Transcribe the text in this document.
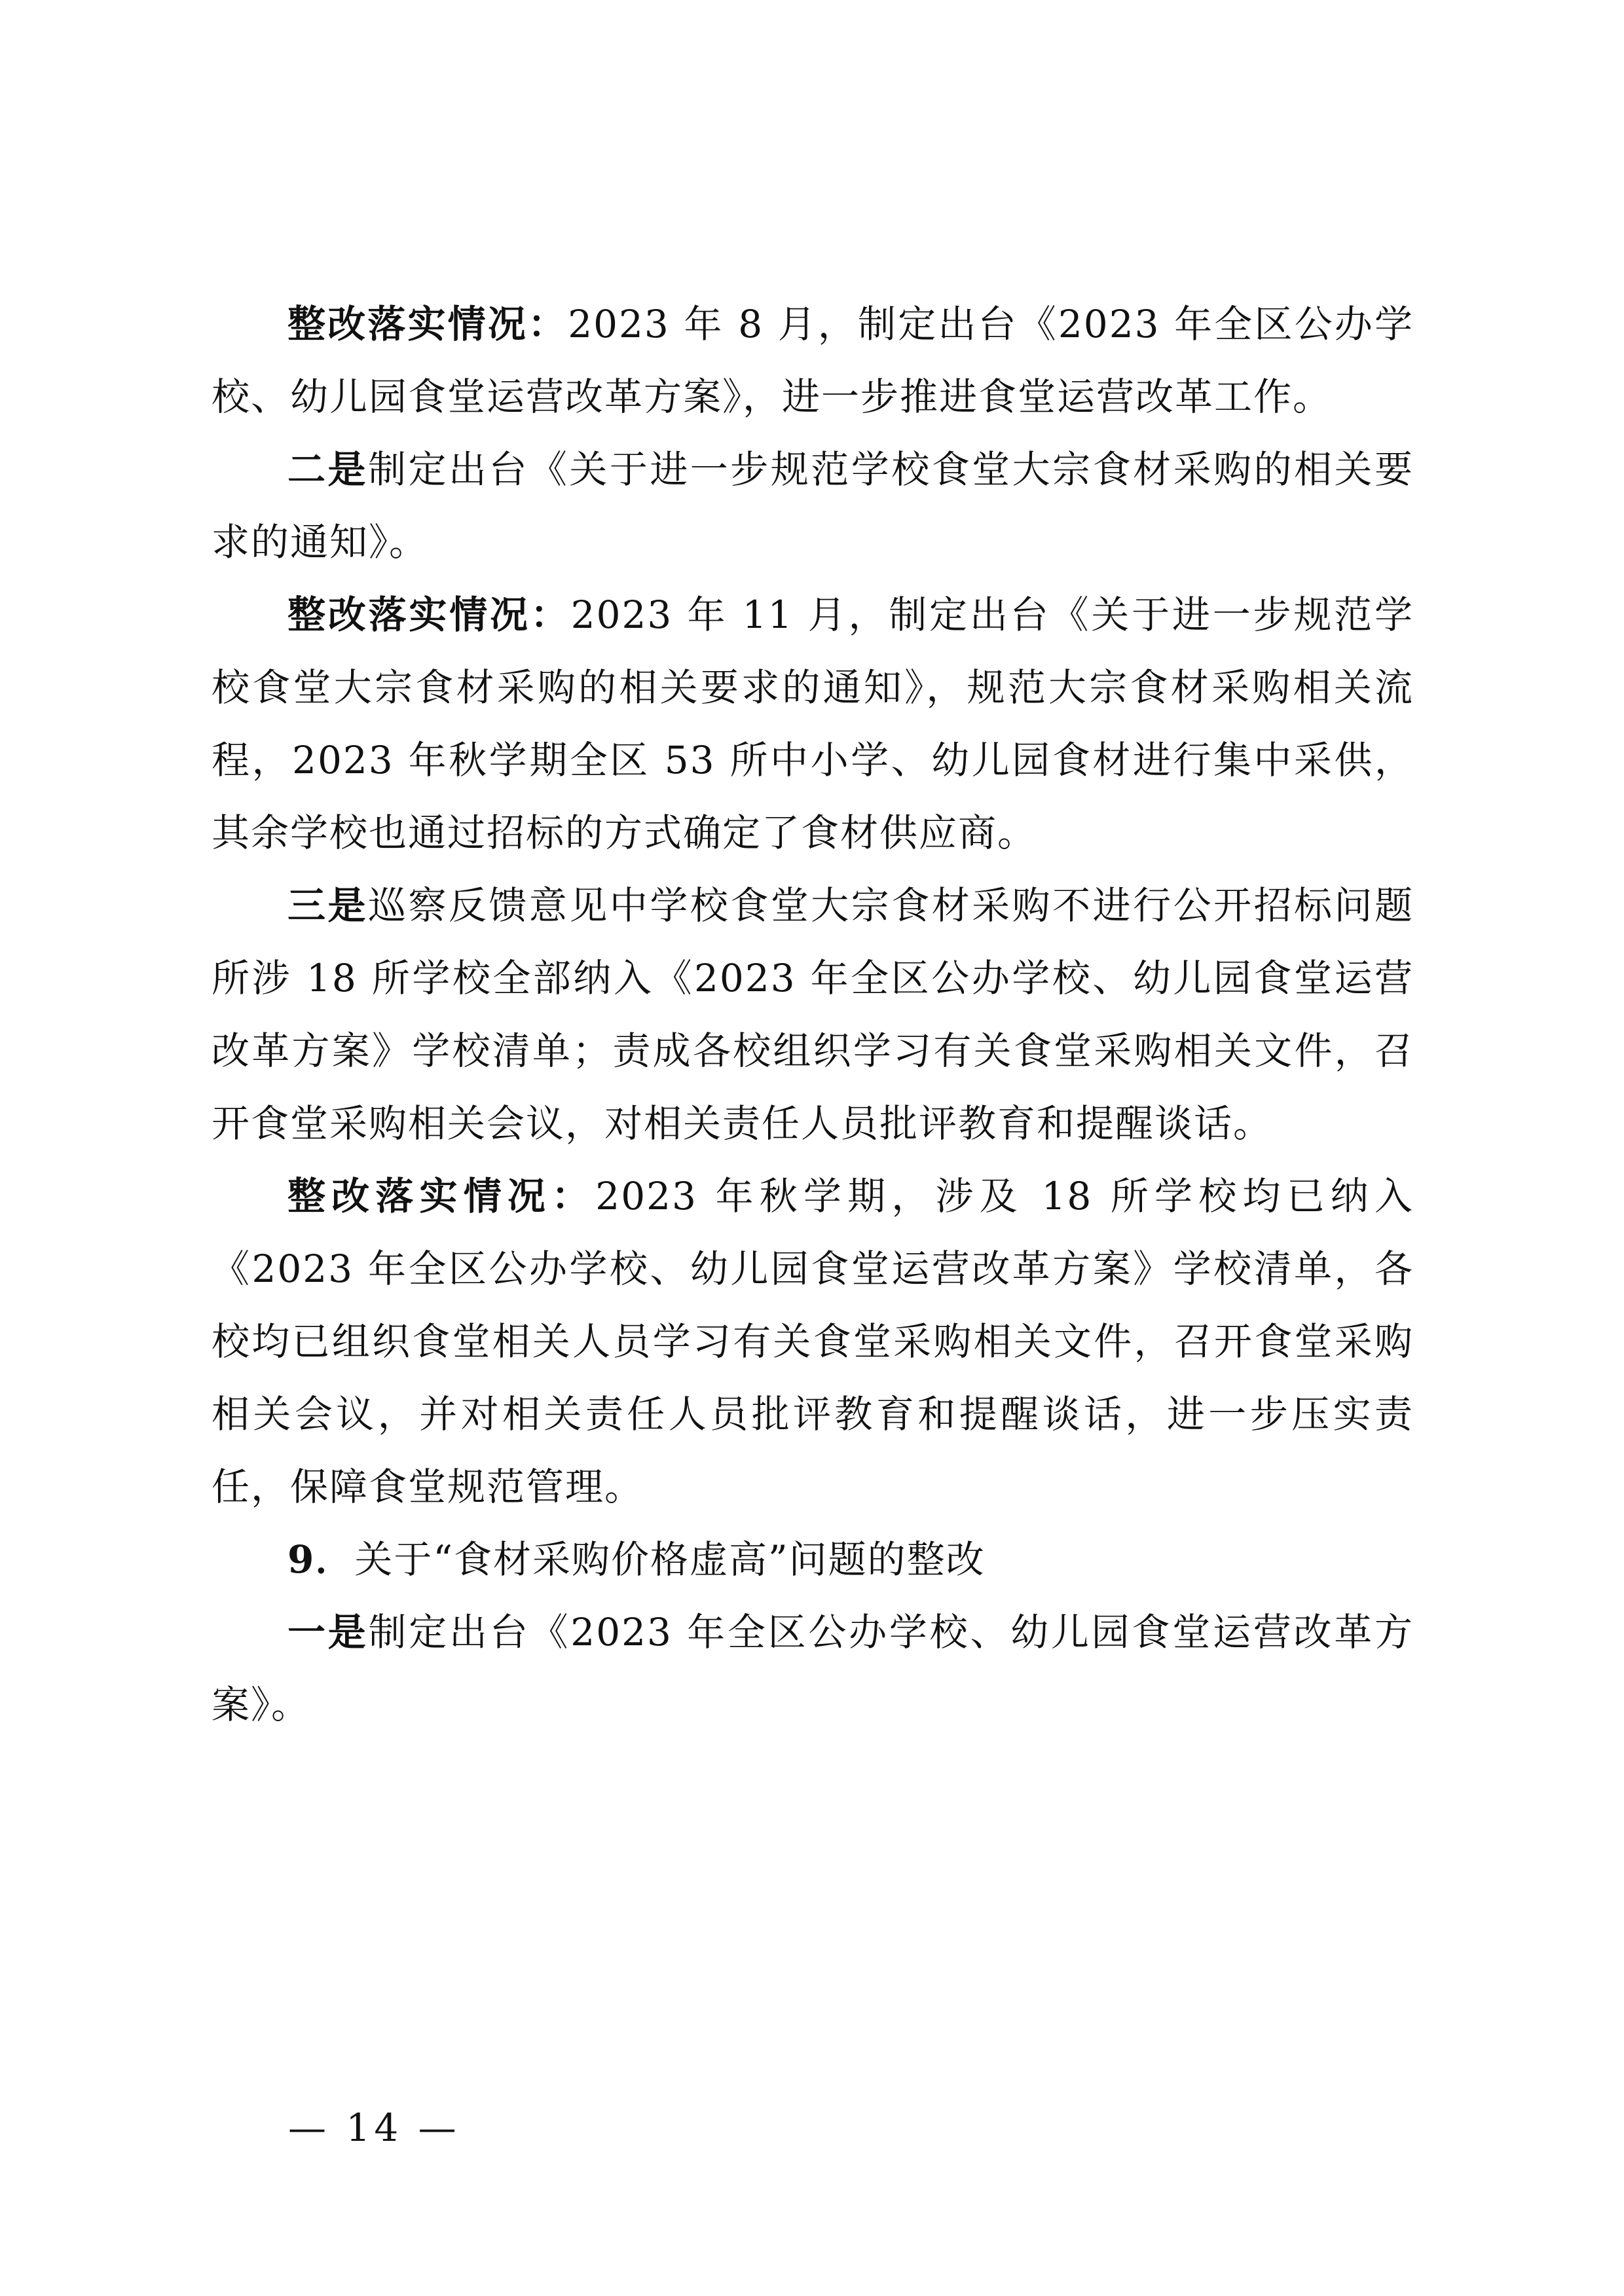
整改落实情况：2023 年 8 月，制定出台《2023 年全区公办学校、幼儿园食堂运营改革方案》，进一步推进食堂运营改革工作。

二是制定出台《关于进一步规范学校食堂大宗食材采购的相关要求的通知》。

整改落实情况：2023 年 11 月，制定出台《关于进一步规范学校食堂大宗食材采购的相关要求的通知》，规范大宗食材采购相关流程，2023 年秋学期全区 53 所中小学、幼儿园食材进行集中采供，其余学校也通过招标的方式确定了食材供应商。

三是巡察反馈意见中学校食堂大宗食材采购不进行公开招标问题所涉 18 所学校全部纳入《2023 年全区公办学校、幼儿园食堂运营改革方案》学校清单；责成各校组织学习有关食堂采购相关文件，召开食堂采购相关会议，对相关责任人员批评教育和提醒谈话。

整改落实情况：2023 年秋学期，涉及 18 所学校均已纳入《2023 年全区公办学校、幼儿园食堂运营改革方案》学校清单，各校均已组织食堂相关人员学习有关食堂采购相关文件，召开食堂采购相关会议，并对相关责任人员批评教育和提醒谈话，进一步压实责任，保障食堂规范管理。

9．关于“食材采购价格虚高”问题的整改

一是制定出台《2023 年全区公办学校、幼儿园食堂运营改革方案》。

— 14 —
